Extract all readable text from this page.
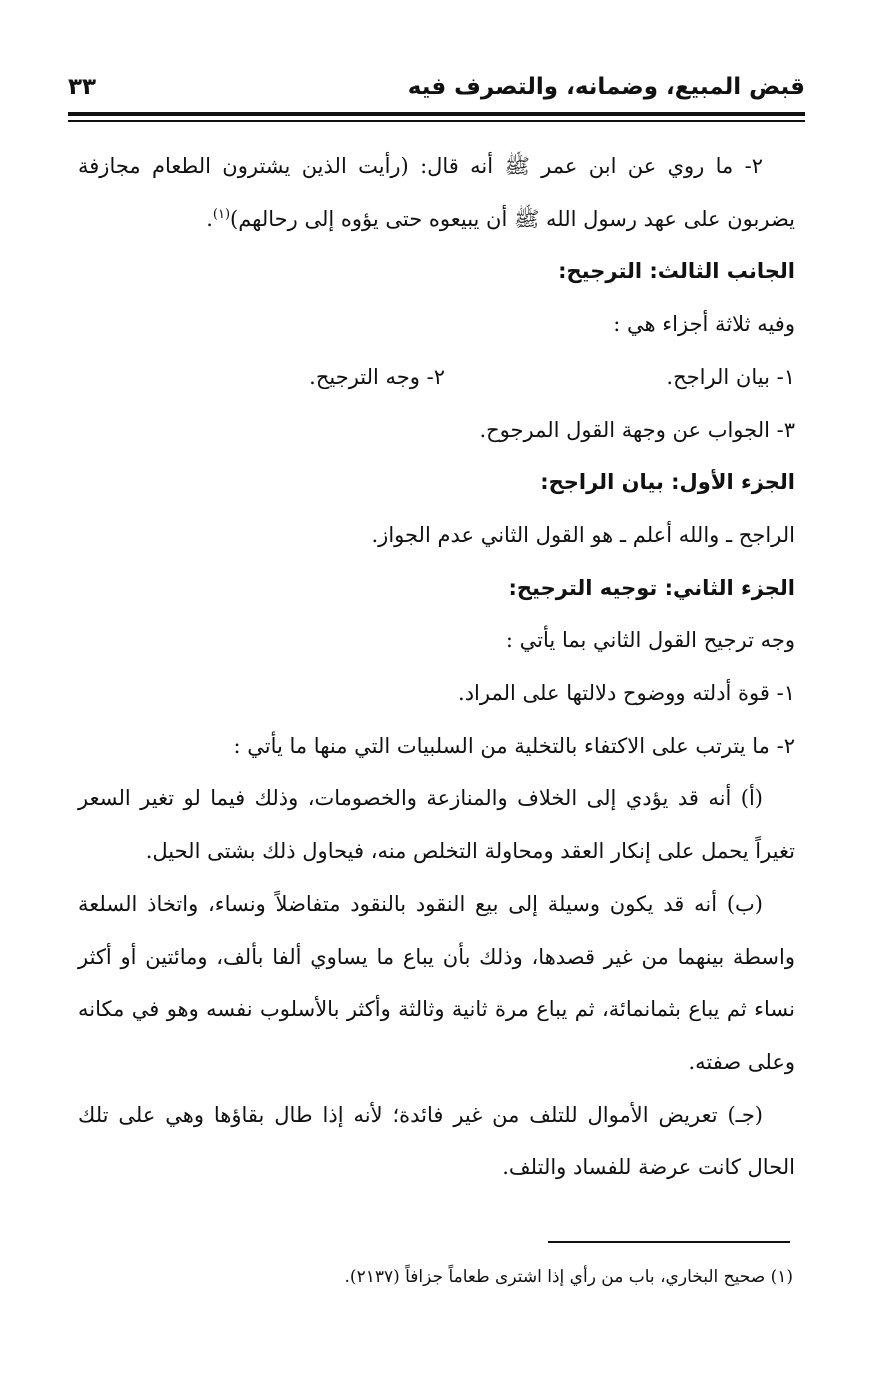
قبض المبيع، وضمانه، والتصرف فيه
٣٣

٢- ما روي عن ابن عمر ﷺ أنه قال: (رأيت الذين يشترون الطعام مجازفة يضربون على عهد رسول الله ﷺ أن يبيعوه حتى يؤوه إلى رحالهم)$^{(١)}$.

الجانب الثالث: الترجيح:

وفيه ثلاثة أجزاء هي :

١- بيان الراجح.
٢- وجه الترجيح.

٣- الجواب عن وجهة القول المرجوح.

الجزء الأول: بيان الراجح:

الراجح ـ والله أعلم ـ هو القول الثاني عدم الجواز.

الجزء الثاني: توجيه الترجيح:

وجه ترجيح القول الثاني بما يأتي :

١- قوة أدلته ووضوح دلالتها على المراد.

٢- ما يترتب على الاكتفاء بالتخلية من السلبيات التي منها ما يأتي :

(أ) أنه قد يؤدي إلى الخلاف والمنازعة والخصومات، وذلك فيما لو تغير السعر تغيراً يحمل على إنكار العقد ومحاولة التخلص منه، فيحاول ذلك بشتى الحيل.

(ب) أنه قد يكون وسيلة إلى بيع النقود بالنقود متفاضلاً ونساء، واتخاذ السلعة واسطة بينهما من غير قصدها، وذلك بأن يباع ما يساوي ألفا بألف، ومائتين أو أكثر نساء ثم يباع بثمانمائة، ثم يباع مرة ثانية وثالثة وأكثر بالأسلوب نفسه وهو في مكانه وعلى صفته.

(جـ) تعريض الأموال للتلف من غير فائدة؛ لأنه إذا طال بقاؤها وهي على تلك الحال كانت عرضة للفساد والتلف.

(١) صحيح البخاري، باب من رأي إذا اشترى طعاماً جزافاً (٢١٣٧).
